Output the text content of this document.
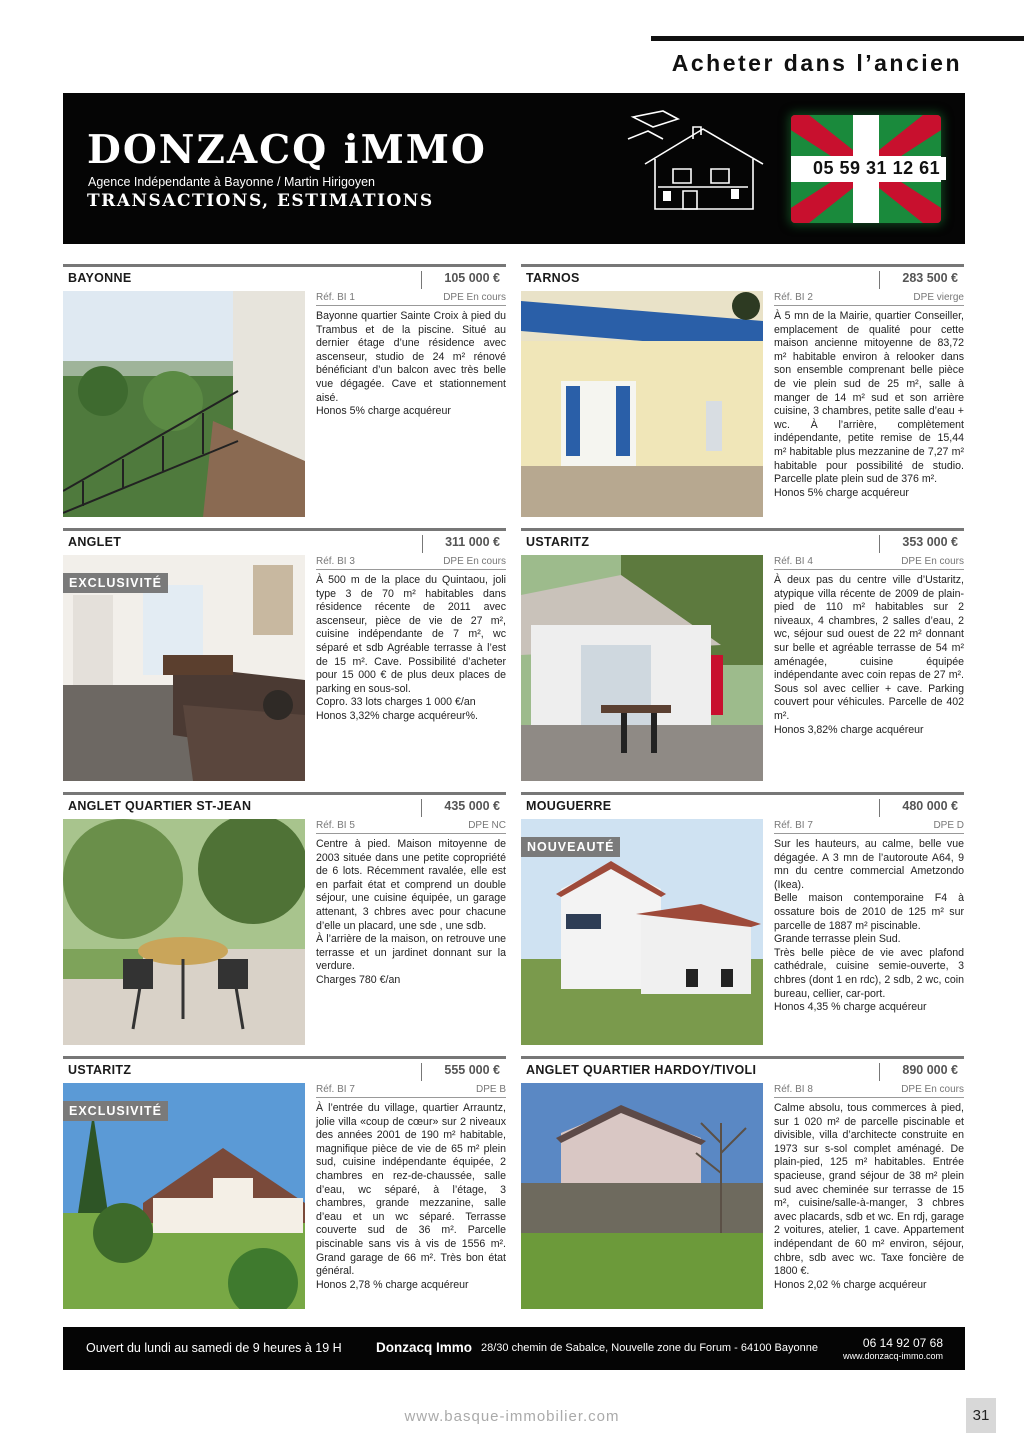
Acheter dans l’ancien
DONZACQ iMMO
Agence Indépendante à Bayonne / Martin Hirigoyen
TRANSACTIONS, ESTIMATIONS
05 59 31 12 61
BAYONNE	105 000 €
Réf. BI 1	DPE En cours
Bayonne quartier Sainte Croix à pied du Trambus et de la piscine. Situé au dernier étage d’une résidence avec ascenseur, studio de 24 m² rénové bénéficiant d’un balcon avec très belle vue dégagée. Cave et stationnement aisé.
Honos 5% charge acquéreur
TARNOS	283 500 €
Réf. BI 2	DPE vierge
À 5 mn de la Mairie, quartier Conseiller, emplacement de qualité pour cette maison ancienne mitoyenne de 83,72 m² habitable environ à relooker dans son ensemble comprenant belle pièce de vie plein sud de 25 m², salle à manger de 14 m² sud et son arrière cuisine, 3 chambres, petite salle d’eau + wc. À l’arrière, complètement indépendante, petite remise de 15,44 m² habitable plus mezzanine de 7,27 m² habitable pour possibilité de studio. Parcelle plate plein sud de 376 m².
Honos 5% charge acquéreur
ANGLET	311 000 €
EXCLUSIVITÉ
Réf. BI 3	DPE En cours
À 500 m de la place du Quintaou, joli type 3 de 70 m² habitables dans résidence récente de 2011 avec ascenseur, pièce de vie de 27 m², cuisine indépendante de 7 m², wc séparé et sdb Agréable terrasse à l’est de 15 m². Cave. Possibilité d’acheter pour 15 000 € de plus deux places de parking en sous-sol.
Copro. 33 lots charges 1 000 €/an
Honos 3,32% charge acquéreur%.
USTARITZ	353 000 €
Réf. BI 4	DPE En cours
À deux pas du centre ville d’Ustaritz, atypique villa récente de 2009 de plain-pied de 110 m² habitables sur 2 niveaux, 4 chambres, 2 salles d’eau, 2 wc, séjour sud ouest de 22 m² donnant sur belle et agréable terrasse de 54 m² aménagée, cuisine équipée indépendante avec coin repas de 27 m². Sous sol avec cellier + cave. Parking couvert pour véhicules. Parcelle de 402 m².
Honos 3,82% charge acquéreur
ANGLET QUARTIER ST-JEAN	435 000 €
Réf. BI 5	DPE NC
Centre à pied. Maison mitoyenne de 2003 située dans une petite copropriété de 6 lots. Récemment ravalée, elle est en parfait état et comprend un double séjour, une cuisine équipée, un garage attenant, 3 chbres avec pour chacune d’elle un placard, une sde , une sdb.
À l’arrière de la maison, on retrouve une terrasse et un jardinet donnant sur la verdure.
Charges 780 €/an
MOUGUERRE	480 000 €
NOUVEAUTÉ
Réf. BI 7	DPE D
Sur les hauteurs, au calme, belle vue dégagée. A 3 mn de l’autoroute A64, 9 mn du centre commercial Ametzondo (Ikea).
Belle maison contemporaine F4 à ossature bois de 2010 de 125 m² sur parcelle de 1887 m² piscinable.
Grande terrasse plein Sud.
Très belle pièce de vie avec plafond cathédrale, cuisine semie-ouverte, 3 chbres (dont 1 en rdc), 2 sdb, 2 wc, coin bureau, cellier, car-port.
Honos 4,35 % charge acquéreur
USTARITZ	555 000 €
EXCLUSIVITÉ
Réf. BI 7	DPE B
À l’entrée du village, quartier Arrauntz, jolie villa «coup de cœur» sur 2 niveaux des années 2001 de 190 m² habitable, magnifique pièce de vie de 65 m² plein sud, cuisine indépendante équipée, 2 chambres en rez-de-chaussée, salle d’eau, wc séparé, à l’étage, 3 chambres, grande mezzanine, salle d’eau et un wc séparé. Terrasse couverte sud de 36 m². Parcelle piscinable sans vis à vis de 1556 m². Grand garage de 66 m². Très bon état général.
Honos 2,78 % charge acquéreur
ANGLET QUARTIER HARDOY/TIVOLI	890 000 €
Réf. BI 8	DPE En cours
Calme absolu, tous commerces à pied, sur 1 020 m² de parcelle piscinable et divisible, villa d’architecte construite en 1973 sur s-sol complet aménagé. De plain-pied, 125 m² habitables. Entrée spacieuse, grand séjour de 38 m² plein sud avec cheminée sur terrasse de 15 m², cuisine/salle-à-manger, 3 chbres avec placards, sdb et wc. En rdj, garage 2 voitures, atelier, 1 cave. Appartement indépendant de 60 m² environ, séjour, chbre, sdb avec wc. Taxe foncière de 1800 €.
Honos 2,02 % charge acquéreur
Ouvert du lundi au samedi de 9 heures à 19 H	Donzacq Immo 28/30 chemin de Sabalce, Nouvelle zone du Forum - 64100 Bayonne	06 14 92 07 68
www.donzacq-immo.com
www.basque-immobilier.com	31
